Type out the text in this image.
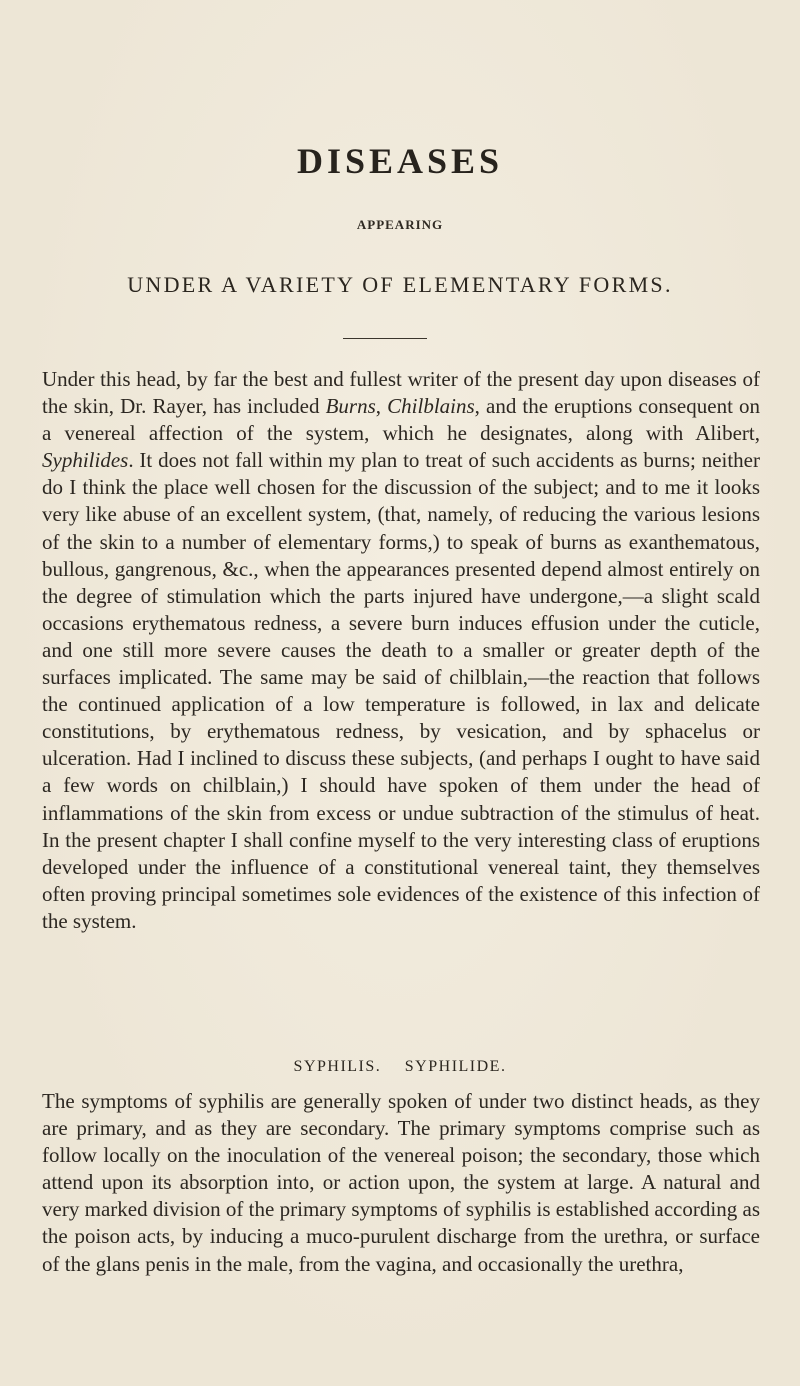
DISEASES
APPEARING
UNDER A VARIETY OF ELEMENTARY FORMS.

Under this head, by far the best and fullest writer of the present day upon diseases of the skin, Dr. Rayer, has included Burns, Chilblains, and the eruptions consequent on a venereal affection of the system, which he designates, along with Alibert, Syphilides. It does not fall within my plan to treat of such accidents as burns; neither do I think the place well chosen for the discussion of the subject; and to me it looks very like abuse of an excellent system, (that, namely, of reducing the various lesions of the skin to a number of elementary forms,) to speak of burns as exanthematous, bullous, gangrenous, &c., when the appearances presented depend almost entirely on the degree of stimulation which the parts injured have undergone,—a slight scald occasions erythematous redness, a severe burn induces effusion under the cuticle, and one still more severe causes the death to a smaller or greater depth of the surfaces implicated. The same may be said of chilblain,—the reaction that follows the continued application of a low temperature is followed, in lax and delicate constitutions, by erythematous redness, by vesication, and by sphacelus or ulceration. Had I inclined to discuss these subjects, (and perhaps I ought to have said a few words on chilblain,) I should have spoken of them under the head of inflammations of the skin from excess or undue subtraction of the stimulus of heat. In the present chapter I shall confine myself to the very interesting class of eruptions developed under the influence of a constitutional venereal taint, they themselves often proving principal sometimes sole evidences of the existence of this infection of the system.

SYPHILIS. SYPHILIDE.

The symptoms of syphilis are generally spoken of under two distinct heads, as they are primary, and as they are secondary. The primary symptoms comprise such as follow locally on the inoculation of the venereal poison; the secondary, those which attend upon its absorption into, or action upon, the system at large. A natural and very marked division of the primary symptoms of syphilis is established according as the poison acts, by inducing a muco-purulent discharge from the urethra, or surface of the glans penis in the male, from the vagina, and occasionally the urethra,
